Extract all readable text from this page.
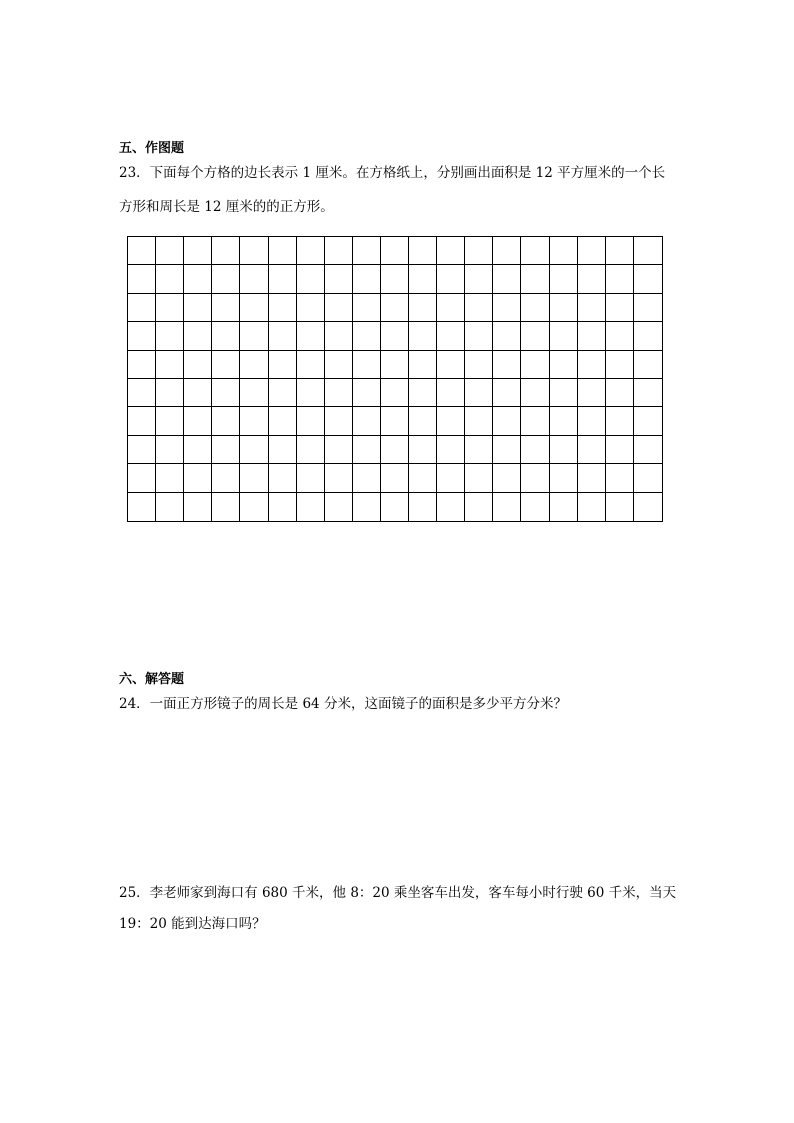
五、作图题
23．下面每个方格的边长表示 1 厘米。在方格纸上，分别画出面积是 12 平方厘米的一个长
方形和周长是 12 厘米的的正方形。
六、解答题
24．一面正方形镜子的周长是 64 分米，这面镜子的面积是多少平方分米？
25．李老师家到海口有 680 千米，他 8：20 乘坐客车出发，客车每小时行驶 60 千米，当天
19：20 能到达海口吗？
